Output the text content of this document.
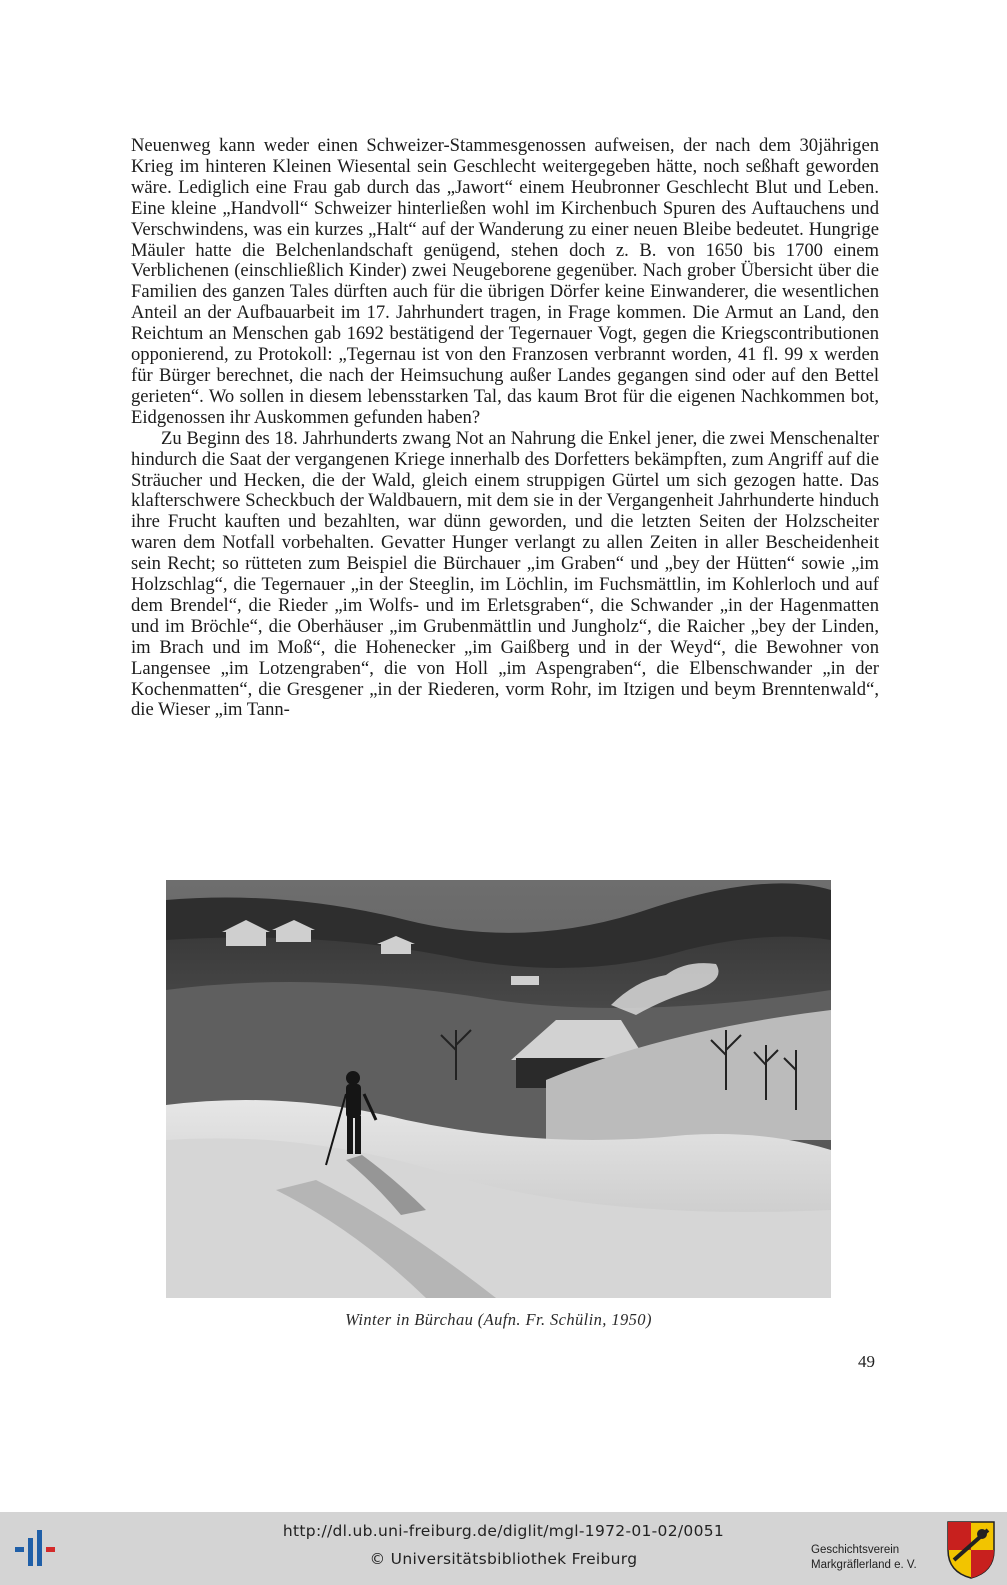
Neuenweg kann weder einen Schweizer-Stammesgenossen aufweisen, der nach dem 30jährigen Krieg im hinteren Kleinen Wiesental sein Geschlecht weitergegeben hätte, noch seßhaft geworden wäre. Lediglich eine Frau gab durch das „Jawort“ einem Heubronner Geschlecht Blut und Leben. Eine kleine „Handvoll“ Schweizer hinterließen wohl im Kirchenbuch Spuren des Auftauchens und Verschwindens, was ein kurzes „Halt“ auf der Wanderung zu einer neuen Bleibe bedeutet. Hungrige Mäuler hatte die Belchenlandschaft genügend, stehen doch z. B. von 1650 bis 1700 einem Verblichenen (einschließlich Kinder) zwei Neugeborene gegenüber. Nach grober Übersicht über die Familien des ganzen Tales dürften auch für die übrigen Dörfer keine Einwanderer, die wesentlichen Anteil an der Aufbauarbeit im 17. Jahrhundert tragen, in Frage kommen. Die Armut an Land, den Reichtum an Menschen gab 1692 bestätigend der Tegernauer Vogt, gegen die Kriegscontributionen opponierend, zu Protokoll: „Tegernau ist von den Franzosen verbrannt worden, 41 fl. 99 x werden für Bürger berechnet, die nach der Heimsuchung außer Landes gegangen sind oder auf den Bettel gerieten“. Wo sollen in diesem lebensstarken Tal, das kaum Brot für die eigenen Nachkommen bot, Eidgenossen ihr Auskommen gefunden haben?

Zu Beginn des 18. Jahrhunderts zwang Not an Nahrung die Enkel jener, die zwei Menschenalter hindurch die Saat der vergangenen Kriege innerhalb des Dorfetters bekämpften, zum Angriff auf die Sträucher und Hecken, die der Wald, gleich einem struppigen Gürtel um sich gezogen hatte. Das klafterschwere Scheckbuch der Waldbauern, mit dem sie in der Vergangenheit Jahrhunderte hinduch ihre Frucht kauften und bezahlten, war dünn geworden, und die letzten Seiten der Holzscheiter waren dem Notfall vorbehalten. Gevatter Hunger verlangt zu allen Zeiten in aller Bescheidenheit sein Recht; so rütteten zum Beispiel die Bürchauer „im Graben“ und „bey der Hütten“ sowie „im Holzschlag“, die Tegernauer „in der Steeglin, im Löchlin, im Fuchsmättlin, im Kohlerloch und auf dem Brendel“, die Rieder „im Wolfs- und im Erletsgraben“, die Schwander „in der Hagenmatten und im Bröchle“, die Oberhäuser „im Grubenmättlin und Jungholz“, die Raicher „bey der Linden, im Brach und im Moß“, die Hohenecker „im Gaißberg und in der Weyd“, die Bewohner von Langensee „im Lotzengraben“, die von Holl „im Aspengraben“, die Elbenschwander „in der Kochenmatten“, die Gresgener „in der Riederen, vorm Rohr, im Itzigen und beym Brenntenwald“, die Wieser „im Tann-

Winter in Bürchau (Aufn. Fr. Schülin, 1950)
49
http://dl.ub.uni-freiburg.de/diglit/mgl-1972-01-02/0051
© Universitätsbibliothek Freiburg	Geschichtsverein
Markgräflerland e. V.
